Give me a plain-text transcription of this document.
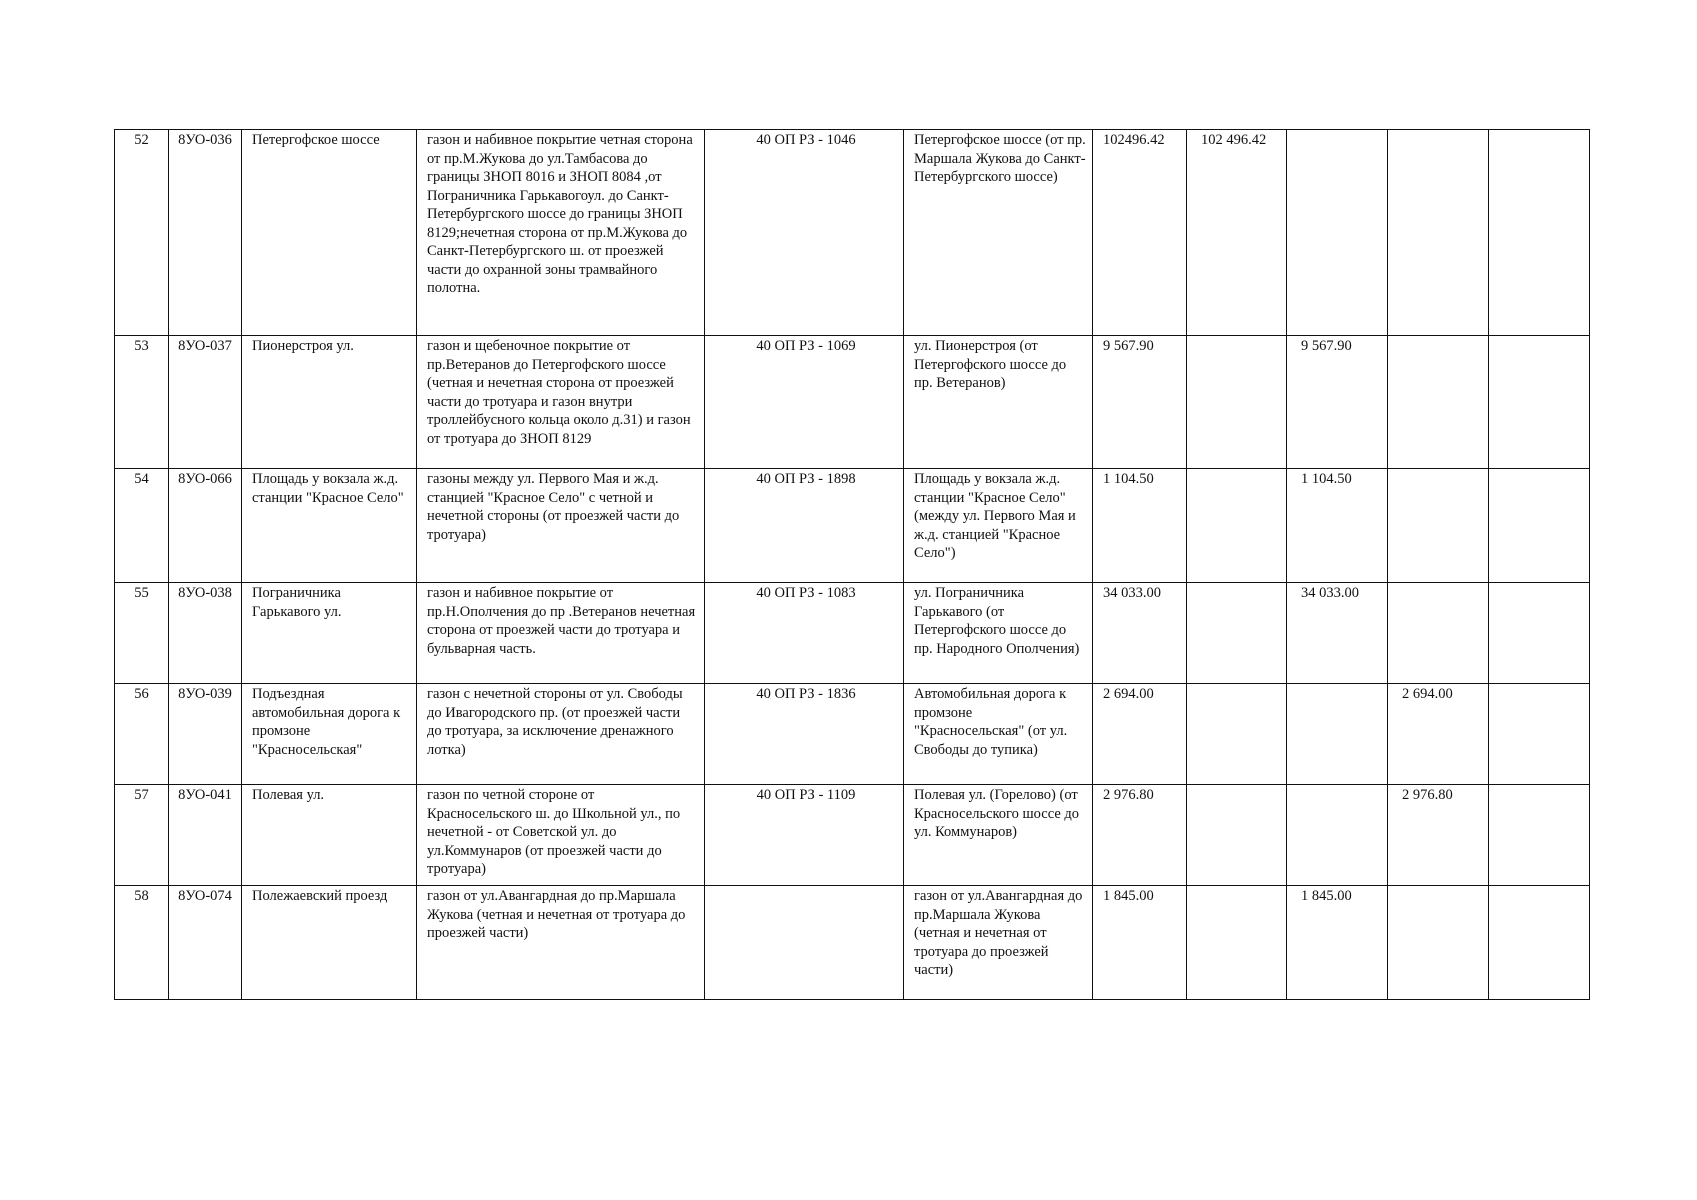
52	8УО-036	Петергофское шоссе	газон и набивное покрытие четная сторона от пр.М.Жукова до ул.Тамбасова до границы ЗНОП 8016 и ЗНОП 8084 ,от Пограничника Гарькавогоул. до Санкт-Петербургского шоссе до границы ЗНОП 8129;нечетная сторона от пр.М.Жукова до Санкт-Петербургского ш. от проезжей части до охранной зоны трамвайного полотна.	40 ОП РЗ - 1046	Петергофское шоссе (от пр. Маршала Жукова до Санкт-Петербургского шоссе)	102496.42	102 496.42			
53	8УО-037	Пионерстроя ул.	газон и щебеночное покрытие от пр.Ветеранов до Петергофского шоссе (четная и нечетная сторона от проезжей части до тротуара и газон внутри троллейбусного кольца около д.31) и газон от тротуара до ЗНОП 8129	40 ОП РЗ - 1069	ул. Пионерстроя (от Петергофского шоссе до пр. Ветеранов)	9 567.90		9 567.90		
54	8УО-066	Площадь у вокзала ж.д. станции "Красное Село"	газоны между ул. Первого Мая и ж.д. станцией "Красное Село" с четной и нечетной стороны (от проезжей части до тротуара)	40 ОП РЗ - 1898	Площадь у вокзала ж.д. станции "Красное Село" (между ул. Первого Мая и ж.д. станцией "Красное Село")	1 104.50		1 104.50		
55	8УО-038	Пограничника Гарькавого ул.	газон и набивное покрытие от пр.Н.Ополчения до пр .Ветеранов нечетная сторона от проезжей части до тротуара и бульварная часть.	40 ОП РЗ - 1083	ул. Пограничника Гарькавого (от Петергофского шоссе до пр. Народного Ополчения)	34 033.00		34 033.00		
56	8УО-039	Подъездная автомобильная дорога к промзоне "Красносельская"	газон с нечетной стороны от ул. Свободы до Ивагородского пр. (от проезжей части до тротуара, за исключение дренажного лотка)	40 ОП РЗ - 1836	Автомобильная дорога к промзоне "Красносельская" (от ул. Свободы до тупика)	2 694.00			2 694.00	
57	8УО-041	Полевая ул.	газон по четной стороне от Красносельского ш. до Школьной ул., по нечетной - от Советской ул. до ул.Коммунаров (от проезжей части до тротуара)	40 ОП РЗ - 1109	Полевая ул. (Горелово) (от Красносельского шоссе до ул. Коммунаров)	2 976.80			2 976.80	
58	8УО-074	Полежаевский проезд	газон от ул.Авангардная до пр.Маршала Жукова (четная и нечетная от тротуара до проезжей части)		газон от ул.Авангардная до пр.Маршала Жукова (четная и нечетная от тротуара до проезжей части)	1 845.00		1 845.00		
